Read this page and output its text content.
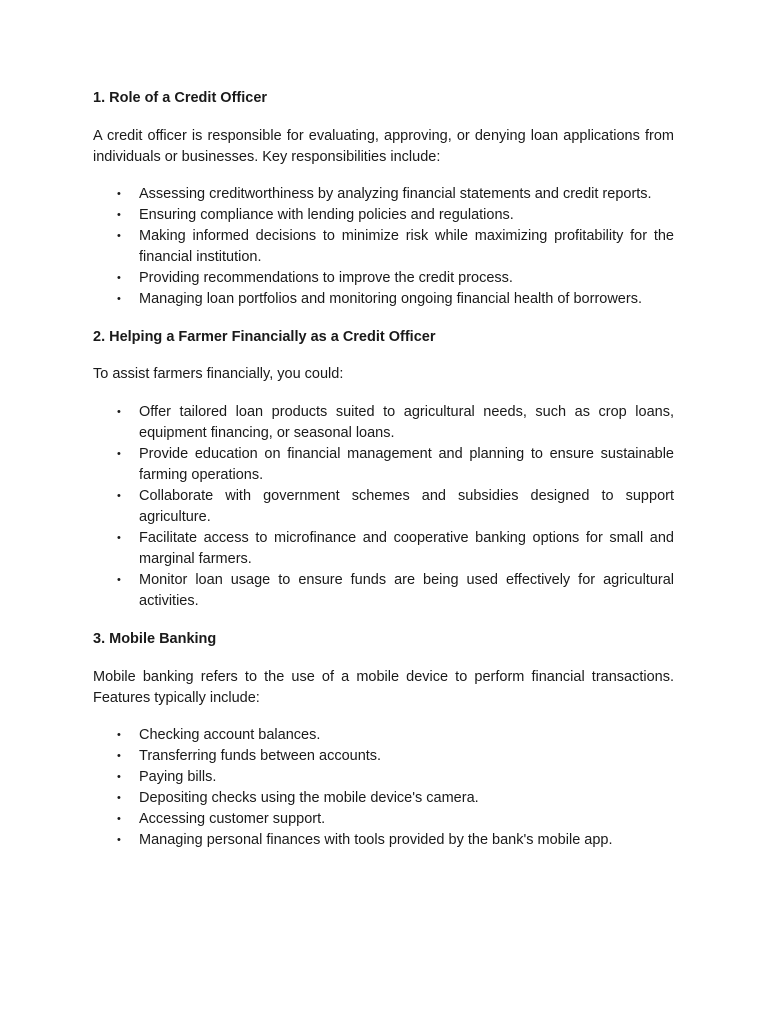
1. Role of a Credit Officer

A credit officer is responsible for evaluating, approving, or denying loan applications from individuals or businesses. Key responsibilities include:

• Assessing creditworthiness by analyzing financial statements and credit reports.
• Ensuring compliance with lending policies and regulations.
• Making informed decisions to minimize risk while maximizing profitability for the financial institution.
• Providing recommendations to improve the credit process.
• Managing loan portfolios and monitoring ongoing financial health of borrowers.

2. Helping a Farmer Financially as a Credit Officer

To assist farmers financially, you could:

• Offer tailored loan products suited to agricultural needs, such as crop loans, equipment financing, or seasonal loans.
• Provide education on financial management and planning to ensure sustainable farming operations.
• Collaborate with government schemes and subsidies designed to support agriculture.
• Facilitate access to microfinance and cooperative banking options for small and marginal farmers.
• Monitor loan usage to ensure funds are being used effectively for agricultural activities.

3. Mobile Banking

Mobile banking refers to the use of a mobile device to perform financial transactions. Features typically include:

• Checking account balances.
• Transferring funds between accounts.
• Paying bills.
• Depositing checks using the mobile device's camera.
• Accessing customer support.
• Managing personal finances with tools provided by the bank's mobile app.
